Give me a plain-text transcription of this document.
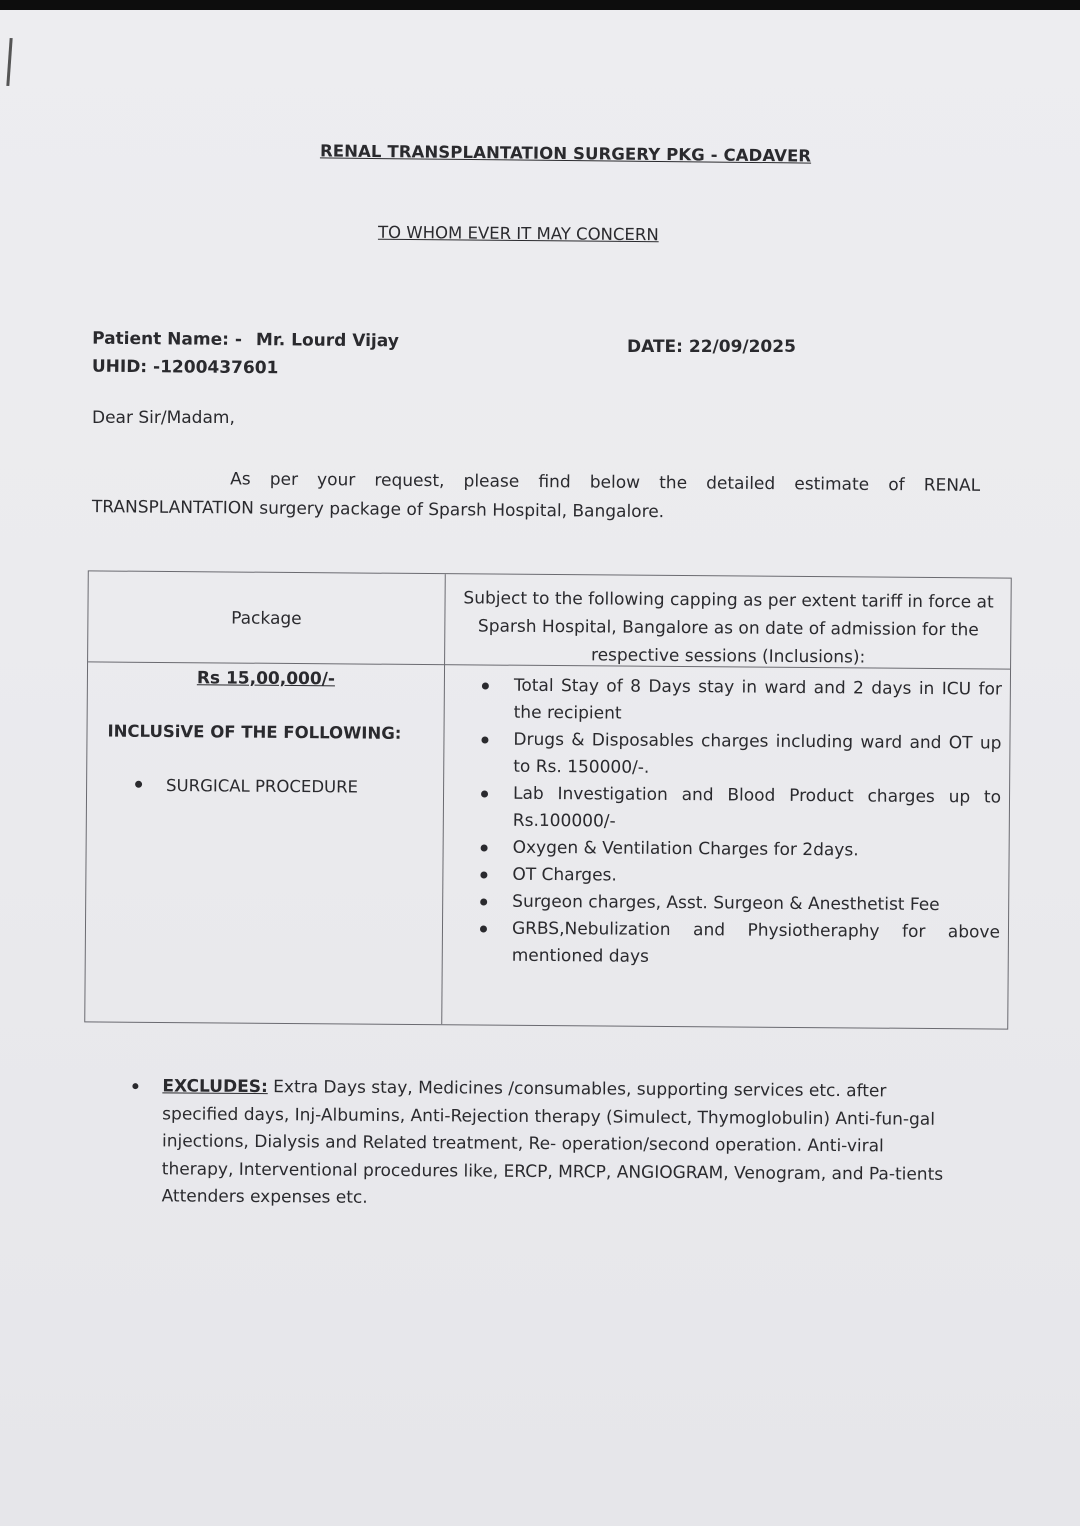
RENAL TRANSPLANTATION SURGERY PKG - CADAVER
TO WHOM EVER IT MAY CONCERN
Patient Name: - Mr. Lourd Vijay
UHID: -1200437601
DATE: 22/09/2025
Dear Sir/Madam,
As per your request, please find below the detailed estimate of RENAL TRANSPLANTATION surgery package of Sparsh Hospital, Bangalore.
Package
Subject to the following capping as per extent tariff in force at Sparsh Hospital, Bangalore as on date of admission for the respective sessions (Inclusions):
Rs 15,00,000/-
INCLUSiVE OF THE FOLLOWING:
SURGICAL PROCEDURE
Total Stay of 8 Days stay in ward and 2 days in ICU for the recipient
Drugs & Disposables charges including ward and OT up to Rs. 150000/-.
Lab Investigation and Blood Product charges up to Rs.100000/-
Oxygen & Ventilation Charges for 2days.
OT Charges.
Surgeon charges, Asst. Surgeon & Anesthetist Fee
GRBS,Nebulization and Physiotheraphy for above mentioned days
EXCLUDES: Extra Days stay, Medicines /consumables, supporting services etc. after specified days, Inj-Albumins, Anti-Rejection therapy (Simulect, Thymoglobulin) Anti-fun-gal injections, Dialysis and Related treatment, Re- operation/second operation. Anti-viral therapy, Interventional procedures like, ERCP, MRCP, ANGIOGRAM, Venogram, and Pa-tients Attenders expenses etc.
